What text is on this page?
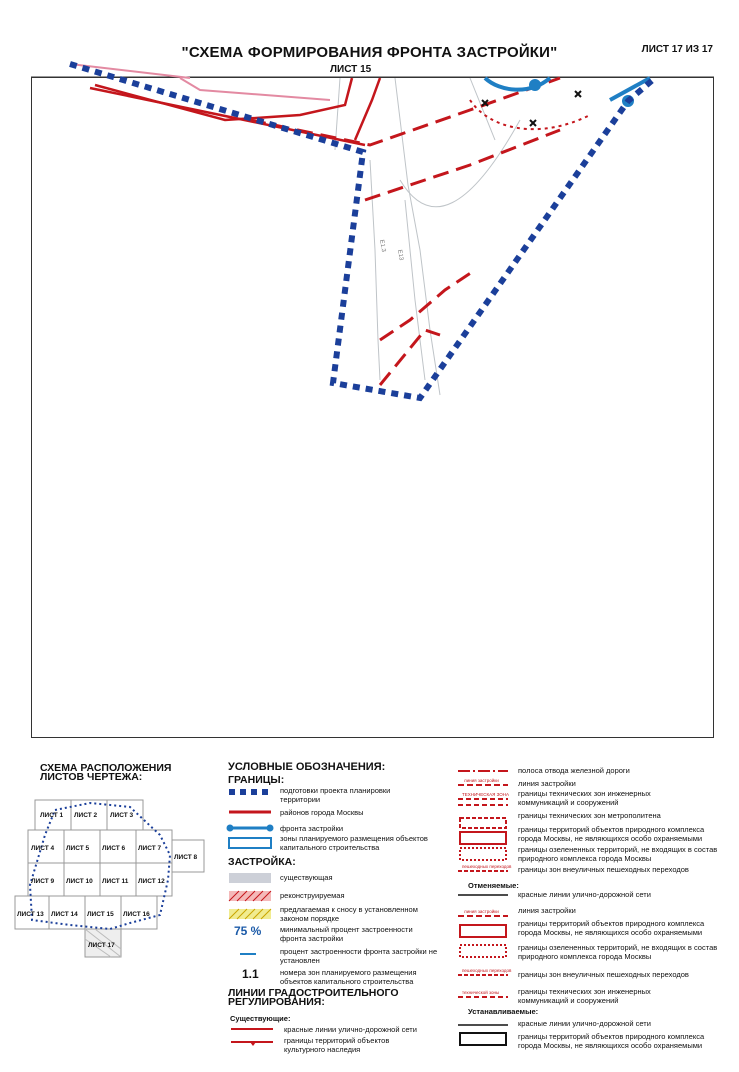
"СХЕМА ФОРМИРОВАНИЯ ФРОНТА ЗАСТРОЙКИ"	ЛИСТ 17 ИЗ 17
ЛИСТ 15
Е1.3
Е13
СХЕМА РАСПОЛОЖЕНИЯ
ЛИСТОВ ЧЕРТЕЖА:
ЛИСТ 1 ЛИСТ 2 ЛИСТ 3
ЛИСТ 4 ЛИСТ 5 ЛИСТ 6 ЛИСТ 7
ЛИСТ 8
ЛИСТ 9 ЛИСТ 10 ЛИСТ 11 ЛИСТ 12
ЛИСТ 13 ЛИСТ 14 ЛИСТ 15 ЛИСТ 16
ЛИСТ 17
УСЛОВНЫЕ ОБОЗНАЧЕНИЯ:
ГРАНИЦЫ:
подготовки проекта планировки территории
районов города Москвы
фронта застройки
зоны планируемого размещения объектов капитального строительства
ЗАСТРОЙКА:
существующая
реконструируемая
предлагаемая к сносу в установленном законом порядке
75 % минимальный процент застроенности фронта застройки
процент застроенности фронта застройки не установлен
1.1	номера зон планируемого размещения объектов капитального строительства
ЛИНИИ ГРАДОСТРОИТЕЛЬНОГО
РЕГУЛИРОВАНИЯ:
Существующие:
красные линии улично-дорожной сети
границы территорий объектов культурного наследия
линия застройки
ТЕХНИЧЕСКАЯ ЗОНА
пешеходных переходов
линия застройки
пешеходных переходов
технической зоны
полоса отвода железной дороги
линия застройки
границы технических зон инженерных коммуникаций и сооружений
границы технических зон метрополитена
границы территорий объектов природного комплекса города Москвы, не являющихся особо охраняемыми
границы озелененных территорий, не входящих в состав природного комплекса города Москвы
границы зон внеуличных пешеходных переходов
Отменяемые:
красные линии улично-дорожной сети
линия застройки
границы территорий объектов природного комплекса города Москвы, не являющихся особо охраняемыми
границы озелененных территорий, не входящих в состав природного комплекса города Москвы
границы зон внеуличных пешеходных переходов
границы технических зон инженерных коммуникаций и сооружений
Устанавливаемые:
красные линии улично-дорожной сети
границы территорий объектов природного комплекса города Москвы, не являющихся особо охраняемыми
